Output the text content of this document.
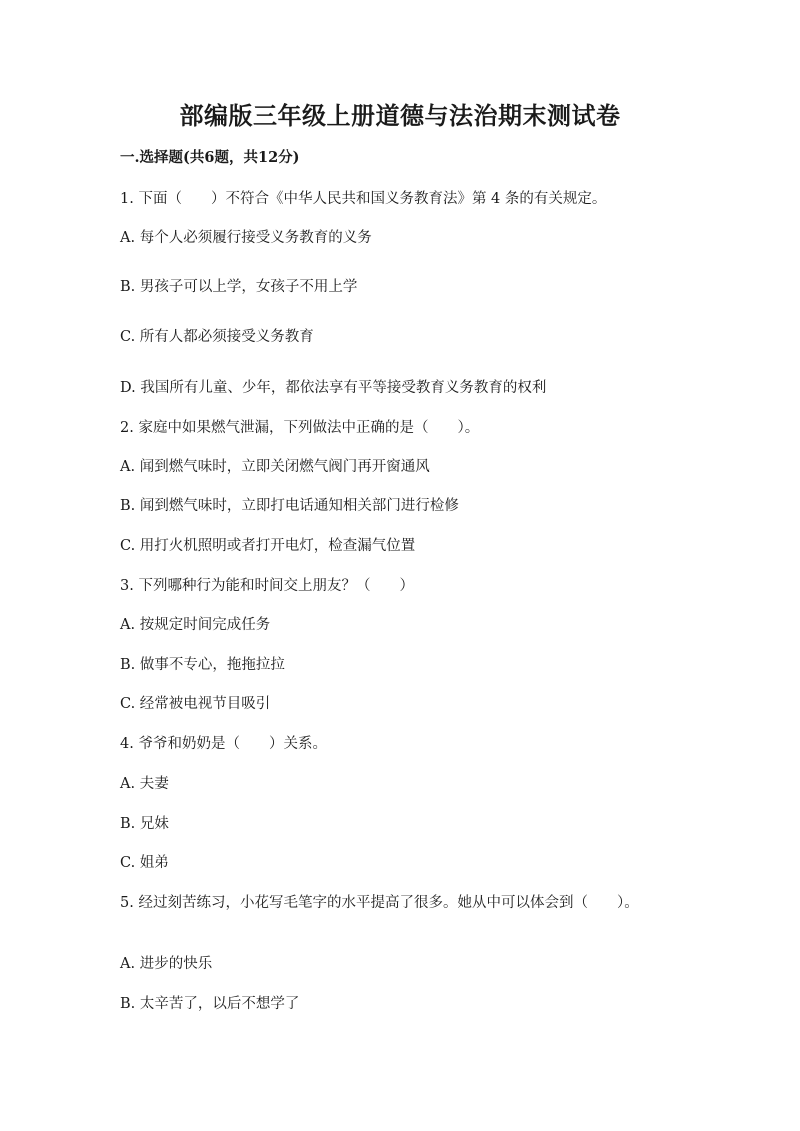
部编版三年级上册道德与法治期末测试卷
一.选择题(共6题，共12分)
1. 下面（　　）不符合《中华人民共和国义务教育法》第 4 条的有关规定。
A. 每个人必须履行接受义务教育的义务
B. 男孩子可以上学，女孩子不用上学
C. 所有人都必须接受义务教育
D. 我国所有儿童、少年，都依法享有平等接受教育义务教育的权利
2. 家庭中如果燃气泄漏，下列做法中正确的是（　　）。
A. 闻到燃气味时，立即关闭燃气阀门再开窗通风
B. 闻到燃气味时，立即打电话通知相关部门进行检修
C. 用打火机照明或者打开电灯，检查漏气位置
3. 下列哪种行为能和时间交上朋友？（　　）
A. 按规定时间完成任务
B. 做事不专心，拖拖拉拉
C. 经常被电视节目吸引
4. 爷爷和奶奶是（　　）关系。
A. 夫妻
B. 兄妹
C. 姐弟
5. 经过刻苦练习，小花写毛笔字的水平提高了很多。她从中可以体会到（　　）。
A. 进步的快乐
B. 太辛苦了，以后不想学了
